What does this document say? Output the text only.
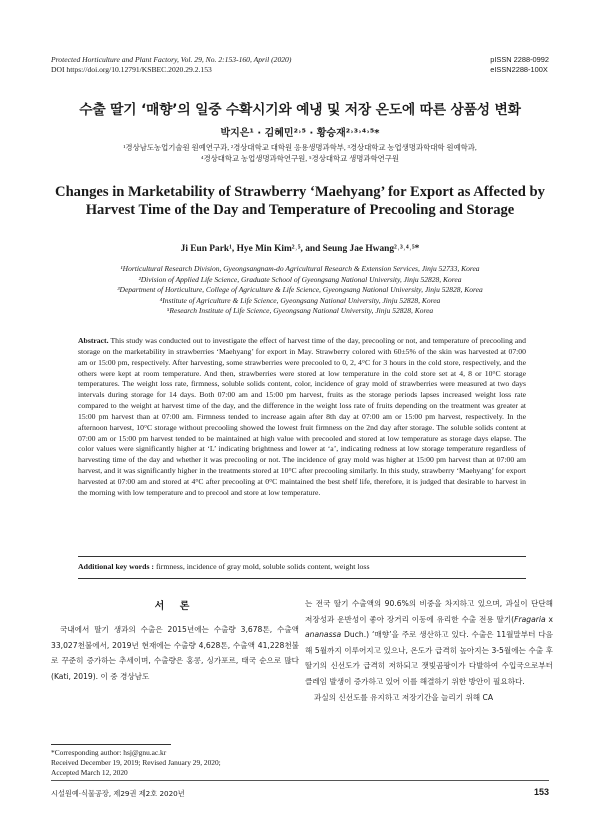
Protected Horticulture and Plant Factory, Vol. 29, No. 2:153-160, April (2020)
DOI https://doi.org/10.12791/KSBEC.2020.29.2.153
pISSN 2288-0992
eISSN2288-100X
수출 딸기 ‘매향’의 일중 수확시기와 예냉 및 저장 온도에 따른 상품성 변화
박지은¹ · 김혜민²˒⁵ · 황승재²˒³˒⁴˒⁵*
¹경상남도농업기술원 원예연구과, ²경상대학교 대학원 응용생명과학부, ³경상대학교 농업생명과학대학 원예학과,
⁴경상대학교 농업생명과학연구원, ⁵경상대학교 생명과학연구원
Changes in Marketability of Strawberry ‘Maehyang’ for Export as Affected by Harvest Time of the Day and Temperature of Precooling and Storage
Ji Eun Park¹, Hye Min Kim²˒⁵, and Seung Jae Hwang²˒³˒⁴˒⁵*
¹Horticultural Research Division, Gyeongsangnam-do Agricultural Research & Extension Services, Jinju 52733, Korea
²Division of Applied Life Science, Graduate School of Gyeongsang National University, Jinju 52828, Korea
³Department of Horticulture, College of Agriculture & Life Science, Gyeongsang National University, Jinju 52828, Korea
⁴Institute of Agriculture & Life Science, Gyeongsang National University, Jinju 52828, Korea
⁵Research Institute of Life Science, Gyeongsang National University, Jinju 52828, Korea
Abstract. This study was conducted out to investigate the effect of harvest time of the day, precooling or not, and temperature of precooling and storage on the marketability in strawberries ‘Maehyang’ for export in May. Strawberry colored with 60±5% of the skin was harvested at 07:00 am or 15:00 pm, respectively. After harvesting, some strawberries were precooled to 0, 2, 4°C for 3 hours in the cold store, respectively, and the others were kept at room temperature. And then, strawberries were stored at low temperature in the cold store set at 4, 8 or 10°C storage temperatures. The weight loss rate, firmness, soluble solids content, color, incidence of gray mold of strawberries were measured at two days intervals during storage for 14 days. Both 07:00 am and 15:00 pm harvest, fruits as the storage periods lapses increased weight loss rate compared to the weight at harvest time of the day, and the difference in the weight loss rate of fruits depending on the treatment was greater at 15:00 pm harvest than at 07:00 am. Firmness tended to increase again after 8th day at 07:00 am or 15:00 pm harvest, respectively. In the afternoon harvest, 10°C storage without precooling showed the lowest fruit firmness on the 2nd day after storage. The soluble solids content at 07:00 am or 15:00 pm harvest tended to be maintained at high value with precooled and stored at low temperature as storage days elapse. The color values were significantly higher at ‘L’ indicating brightness and lower at ‘a’, indicating redness at low storage temperature regardless of harvesting time of the day and whether it was precooling or not. The incidence of gray mold was higher at 15:00 pm harvest than at 07:00 am harvest, and it was significantly higher in the treatments stored at 10°C after precooling similarly. In this study, strawberry ‘Maehyang’ for export harvested at 07:00 am and stored at 4°C after precooling at 0°C maintained the best shelf life, therefore, it is judged that desirable to harvest in the morning with low temperature and to precool and store at low temperature.
Additional key words : firmness, incidence of gray mold, soluble solids content, weight loss
서 론

국내에서 딸기 생과의 수출은 2015년에는 수출량 3,678톤, 수출액 33,027천불에서, 2019년 현재에는 수출량 4,628톤, 수출액 41,228천불로 꾸준히 증가하는 추세이며, 수출량은 홍콩, 싱가포르, 태국 순으로 많다(Kati, 2019). 이 중 경상남도

는 전국 딸기 수출액의 90.6%의 비중을 차지하고 있으며, 과실이 단단해 저장성과 운반성이 좋아 장거리 이동에 유리한 수출 전용 딸기(Fragaria x ananassa Duch.) ‘매향’을 주로 생산하고 있다. 수출은 11월말부터 다음 해 5월까지 이루어지고 있으나, 온도가 급격히 높아지는 3-5월에는 수출 후 딸기의 신선도가 급격히 저하되고 잿빛곰팡이가 다발하여 수입국으로부터 클레임 발생이 증가하고 있어 이를 해결하기 위한 방안이 필요하다.

과실의 신선도를 유지하고 저장기간을 늘리기 위해 CA

*Corresponding author: hsj@gnu.ac.kr
Received December 19, 2019; Revised January 29, 2020;
Accepted March 12, 2020
시설원예·식물공장, 제29권 제2호 2020년	153
